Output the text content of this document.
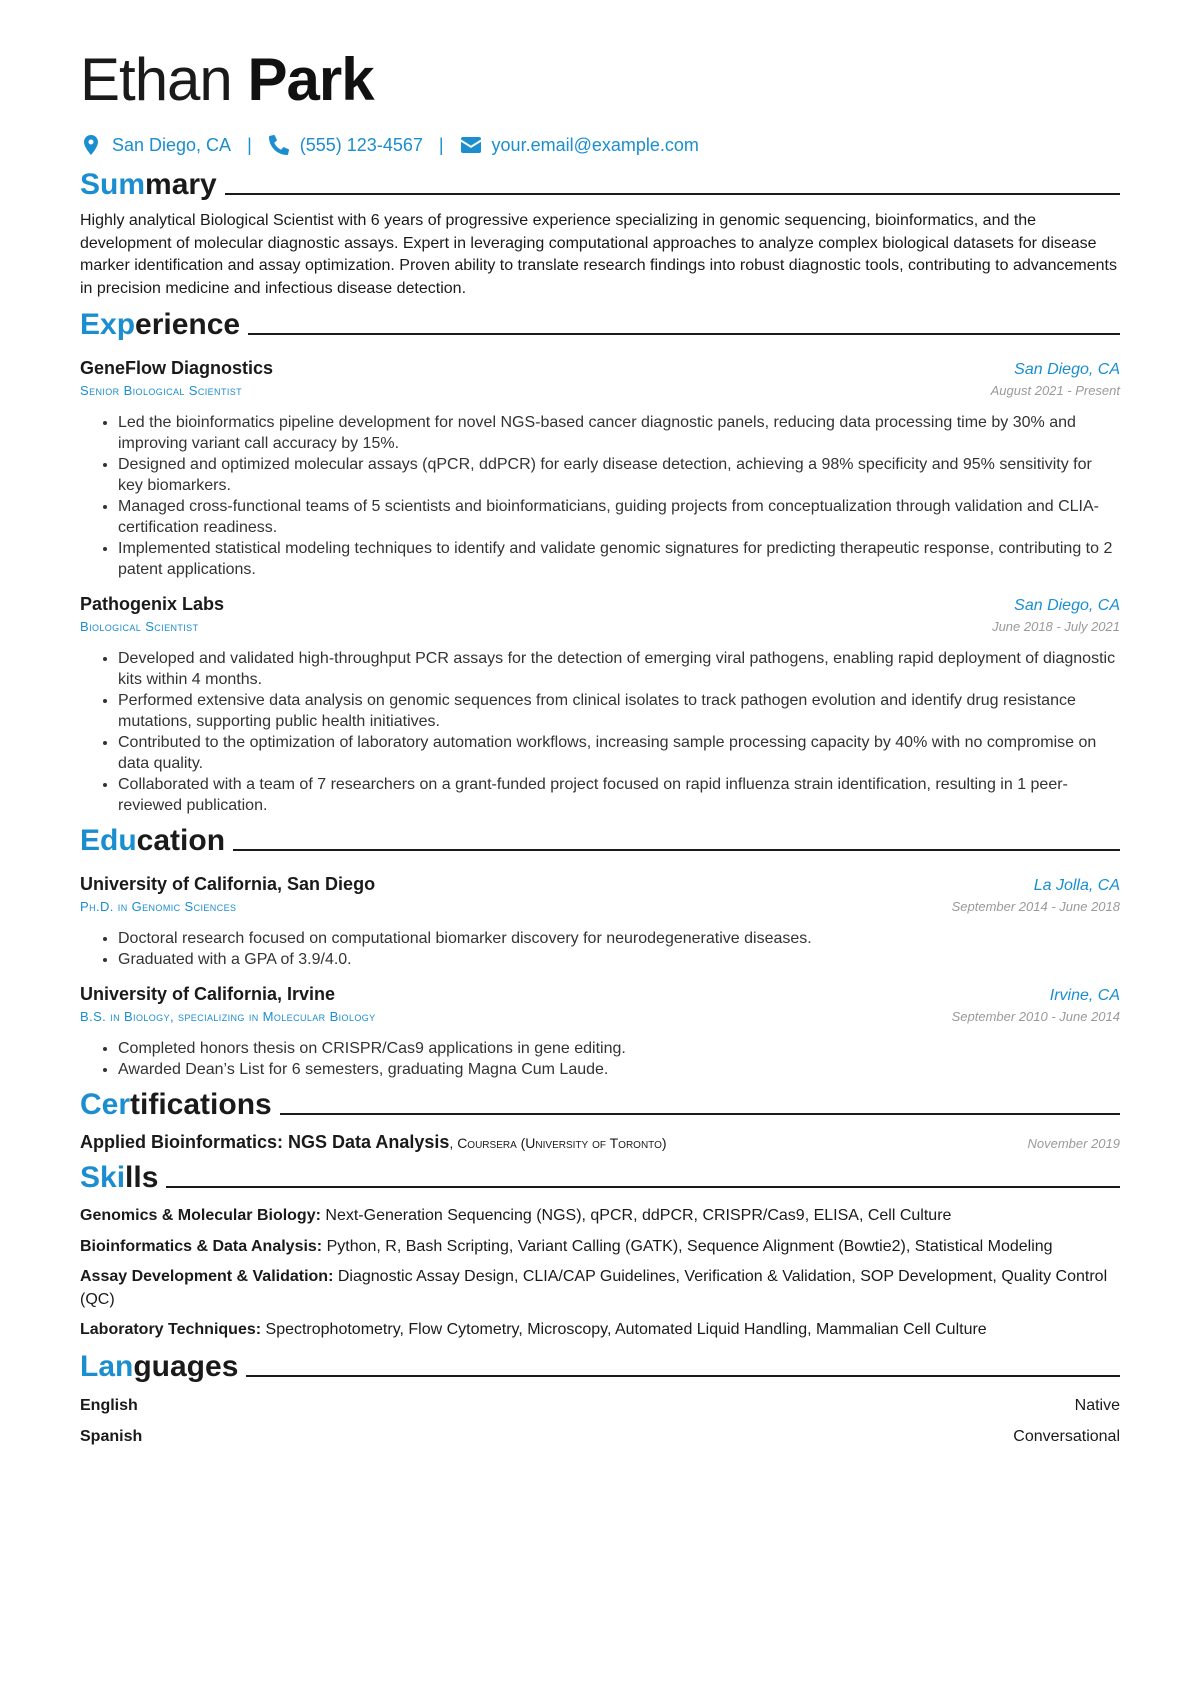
Ethan Park
San Diego, CA |	(555) 123-4567 |	your.email@example.com
Summary

Highly analytical Biological Scientist with 6 years of progressive experience specializing in genomic sequencing, bioinformatics, and the development of molecular diagnostic assays. Expert in leveraging computational approaches to analyze complex biological datasets for disease marker identification and assay optimization. Proven ability to translate research findings into robust diagnostic tools, contributing to advancements in precision medicine and infectious disease detection.

Experience
GeneFlow Diagnostics	San Diego, CA
Senior Biological Scientist	August 2021 - Present
• Led the bioinformatics pipeline development for novel NGS-based cancer diagnostic panels, reducing data processing time by 30% and improving variant call accuracy by 15%.
• Designed and optimized molecular assays (qPCR, ddPCR) for early disease detection, achieving a 98% specificity and 95% sensitivity for key biomarkers.
• Managed cross-functional teams of 5 scientists and bioinformaticians, guiding projects from conceptualization through validation and CLIA-certification readiness.
• Implemented statistical modeling techniques to identify and validate genomic signatures for predicting therapeutic response, contributing to 2 patent applications.
Pathogenix Labs	San Diego, CA
Biological Scientist	June 2018 - July 2021
• Developed and validated high-throughput PCR assays for the detection of emerging viral pathogens, enabling rapid deployment of diagnostic kits within 4 months.
• Performed extensive data analysis on genomic sequences from clinical isolates to track pathogen evolution and identify drug resistance mutations, supporting public health initiatives.
• Contributed to the optimization of laboratory automation workflows, increasing sample processing capacity by 40% with no compromise on data quality.
• Collaborated with a team of 7 researchers on a grant-funded project focused on rapid influenza strain identification, resulting in 1 peer-reviewed publication.
Education
University of California, San Diego	La Jolla, CA
Ph.D. in Genomic Sciences	September 2014 - June 2018
• Doctoral research focused on computational biomarker discovery for neurodegenerative diseases.
• Graduated with a GPA of 3.9/4.0.
University of California, Irvine	Irvine, CA
B.S. in Biology, specializing in Molecular Biology	September 2010 - June 2014
• Completed honors thesis on CRISPR/Cas9 applications in gene editing.
• Awarded Dean’s List for 6 semesters, graduating Magna Cum Laude.
Certifications
Applied Bioinformatics: NGS Data Analysis, Coursera (University of Toronto)	November 2019
Skills
Genomics & Molecular Biology: Next-Generation Sequencing (NGS), qPCR, ddPCR, CRISPR/Cas9, ELISA, Cell Culture
Bioinformatics & Data Analysis: Python, R, Bash Scripting, Variant Calling (GATK), Sequence Alignment (Bowtie2), Statistical Modeling
Assay Development & Validation: Diagnostic Assay Design, CLIA/CAP Guidelines, Verification & Validation, SOP Development, Quality Control (QC)
Laboratory Techniques: Spectrophotometry, Flow Cytometry, Microscopy, Automated Liquid Handling, Mammalian Cell Culture
Languages
English	Native
Spanish	Conversational
